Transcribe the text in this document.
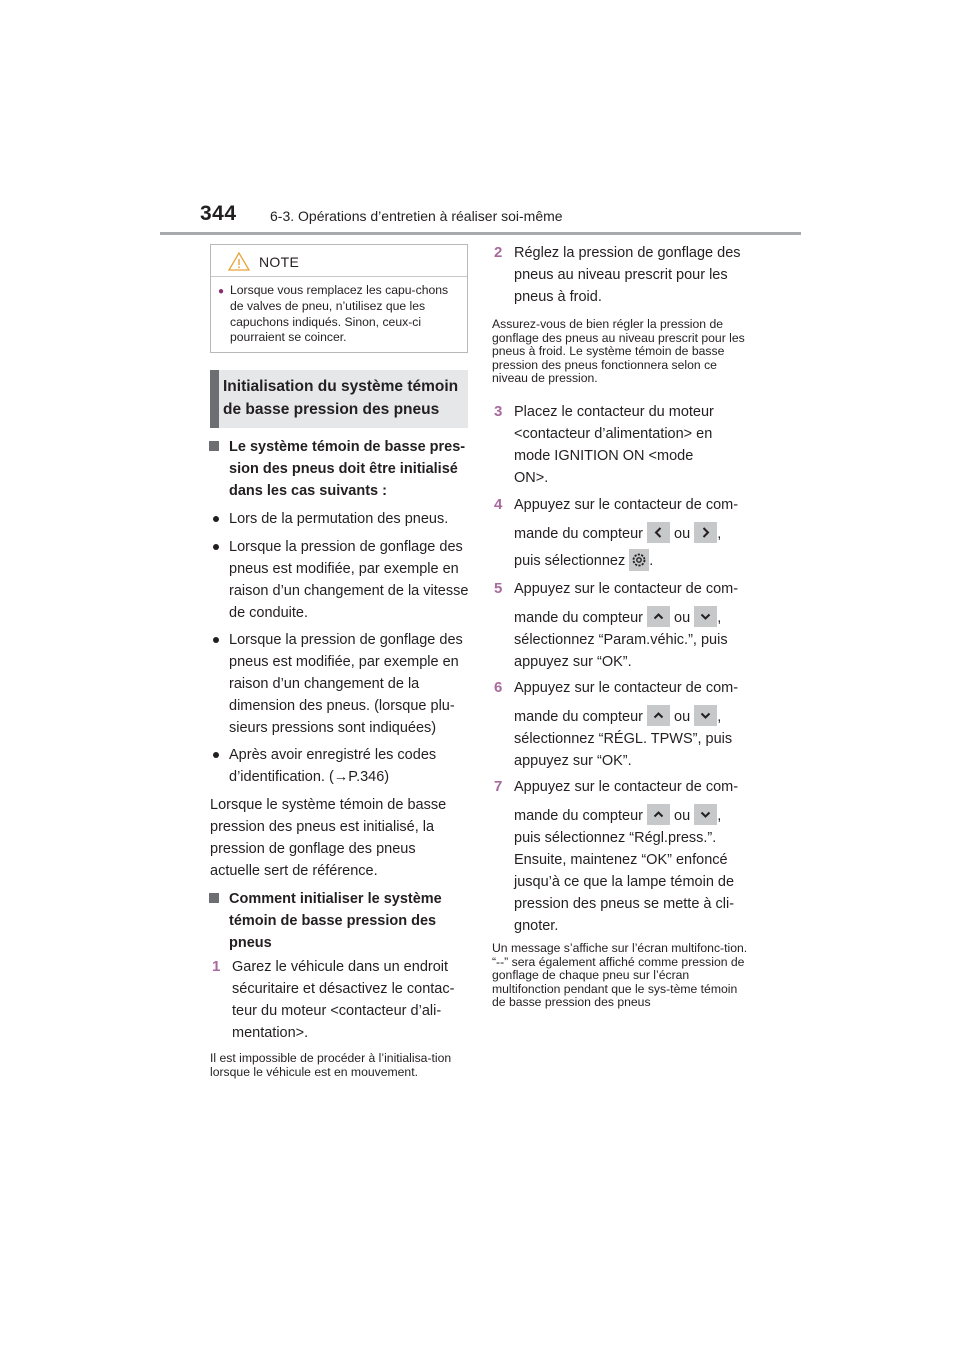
344 6-3. Opérations d’entretien à réaliser soi-même
NOTE
● Lorsque vous remplacez les capu-chons de valves de pneu, n’utilisez que les capuchons indiqués. Sinon, ceux-ci pourraient se coincer.
Initialisation du système témoin de basse pression des pneus
Le système témoin de basse pres-sion des pneus doit être initialisé dans les cas suivants :
Lors de la permutation des pneus.
Lorsque la pression de gonflage des pneus est modifiée, par exemple en raison d’un changement de la vitesse de conduite.
Lorsque la pression de gonflage des pneus est modifiée, par exemple en raison d’un changement de la dimension des pneus. (lorsque plu-sieurs pressions sont indiquées)
Après avoir enregistré les codes d’identification. (→P.346)
Lorsque le système témoin de basse pression des pneus est initialisé, la pression de gonflage des pneus actuelle sert de référence.
Comment initialiser le système témoin de basse pression des pneus
1 Garez le véhicule dans un endroit sécuritaire et désactivez le contac-teur du moteur <contacteur d’ali-mentation>.
Il est impossible de procéder à l’initialisa-tion lorsque le véhicule est en mouvement.
2 Réglez la pression de gonflage des pneus au niveau prescrit pour les pneus à froid.
Assurez-vous de bien régler la pression de gonflage des pneus au niveau prescrit pour les pneus à froid. Le système témoin de basse pression des pneus fonctionnera selon ce niveau de pression.
3 Placez le contacteur du moteur <contacteur d’alimentation> en mode IGNITION ON <mode ON>.
4 Appuyez sur le contacteur de com-
mande du compteur ou ,
puis sélectionnez .
5 Appuyez sur le contacteur de com-
mande du compteur ou ,
sélectionnez “Param.véhic.”, puis appuyez sur “OK”.
6 Appuyez sur le contacteur de com-
mande du compteur ou ,
sélectionnez “RÉGL. TPWS”, puis appuyez sur “OK”.
7 Appuyez sur le contacteur de com-
mande du compteur ou ,
puis sélectionnez “Régl.press.”. Ensuite, maintenez “OK” enfoncé jusqu’à ce que la lampe témoin de pression des pneus se mette à cli-gnoter.
Un message s’affiche sur l’écran multifonc-tion. “--” sera également affiché comme pression de gonflage de chaque pneu sur l’écran multifonction pendant que le sys-tème témoin de basse pression des pneus
